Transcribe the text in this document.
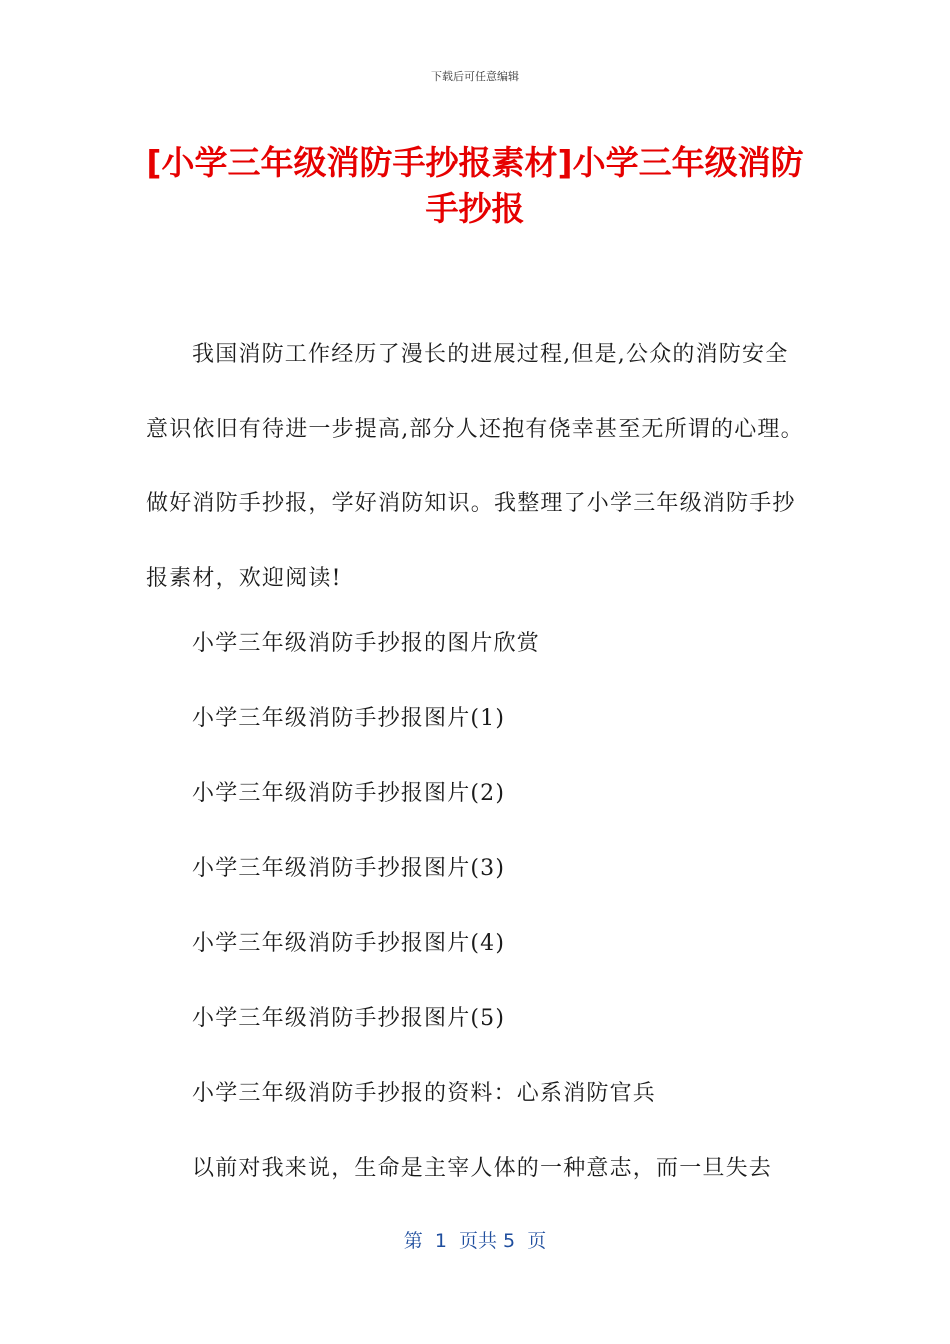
下载后可任意编辑
[小学三年级消防手抄报素材]小学三年级消防手抄报
我国消防工作经历了漫长的进展过程,但是,公众的消防安全意识依旧有待进一步提高,部分人还抱有侥幸甚至无所谓的心理。做好消防手抄报，学好消防知识。我整理了小学三年级消防手抄报素材，欢迎阅读!
小学三年级消防手抄报的图片欣赏
小学三年级消防手抄报图片(1)
小学三年级消防手抄报图片(2)
小学三年级消防手抄报图片(3)
小学三年级消防手抄报图片(4)
小学三年级消防手抄报图片(5)
小学三年级消防手抄报的资料：心系消防官兵
以前对我来说，生命是主宰人体的一种意志，而一旦失去
第  1  页共 5  页
